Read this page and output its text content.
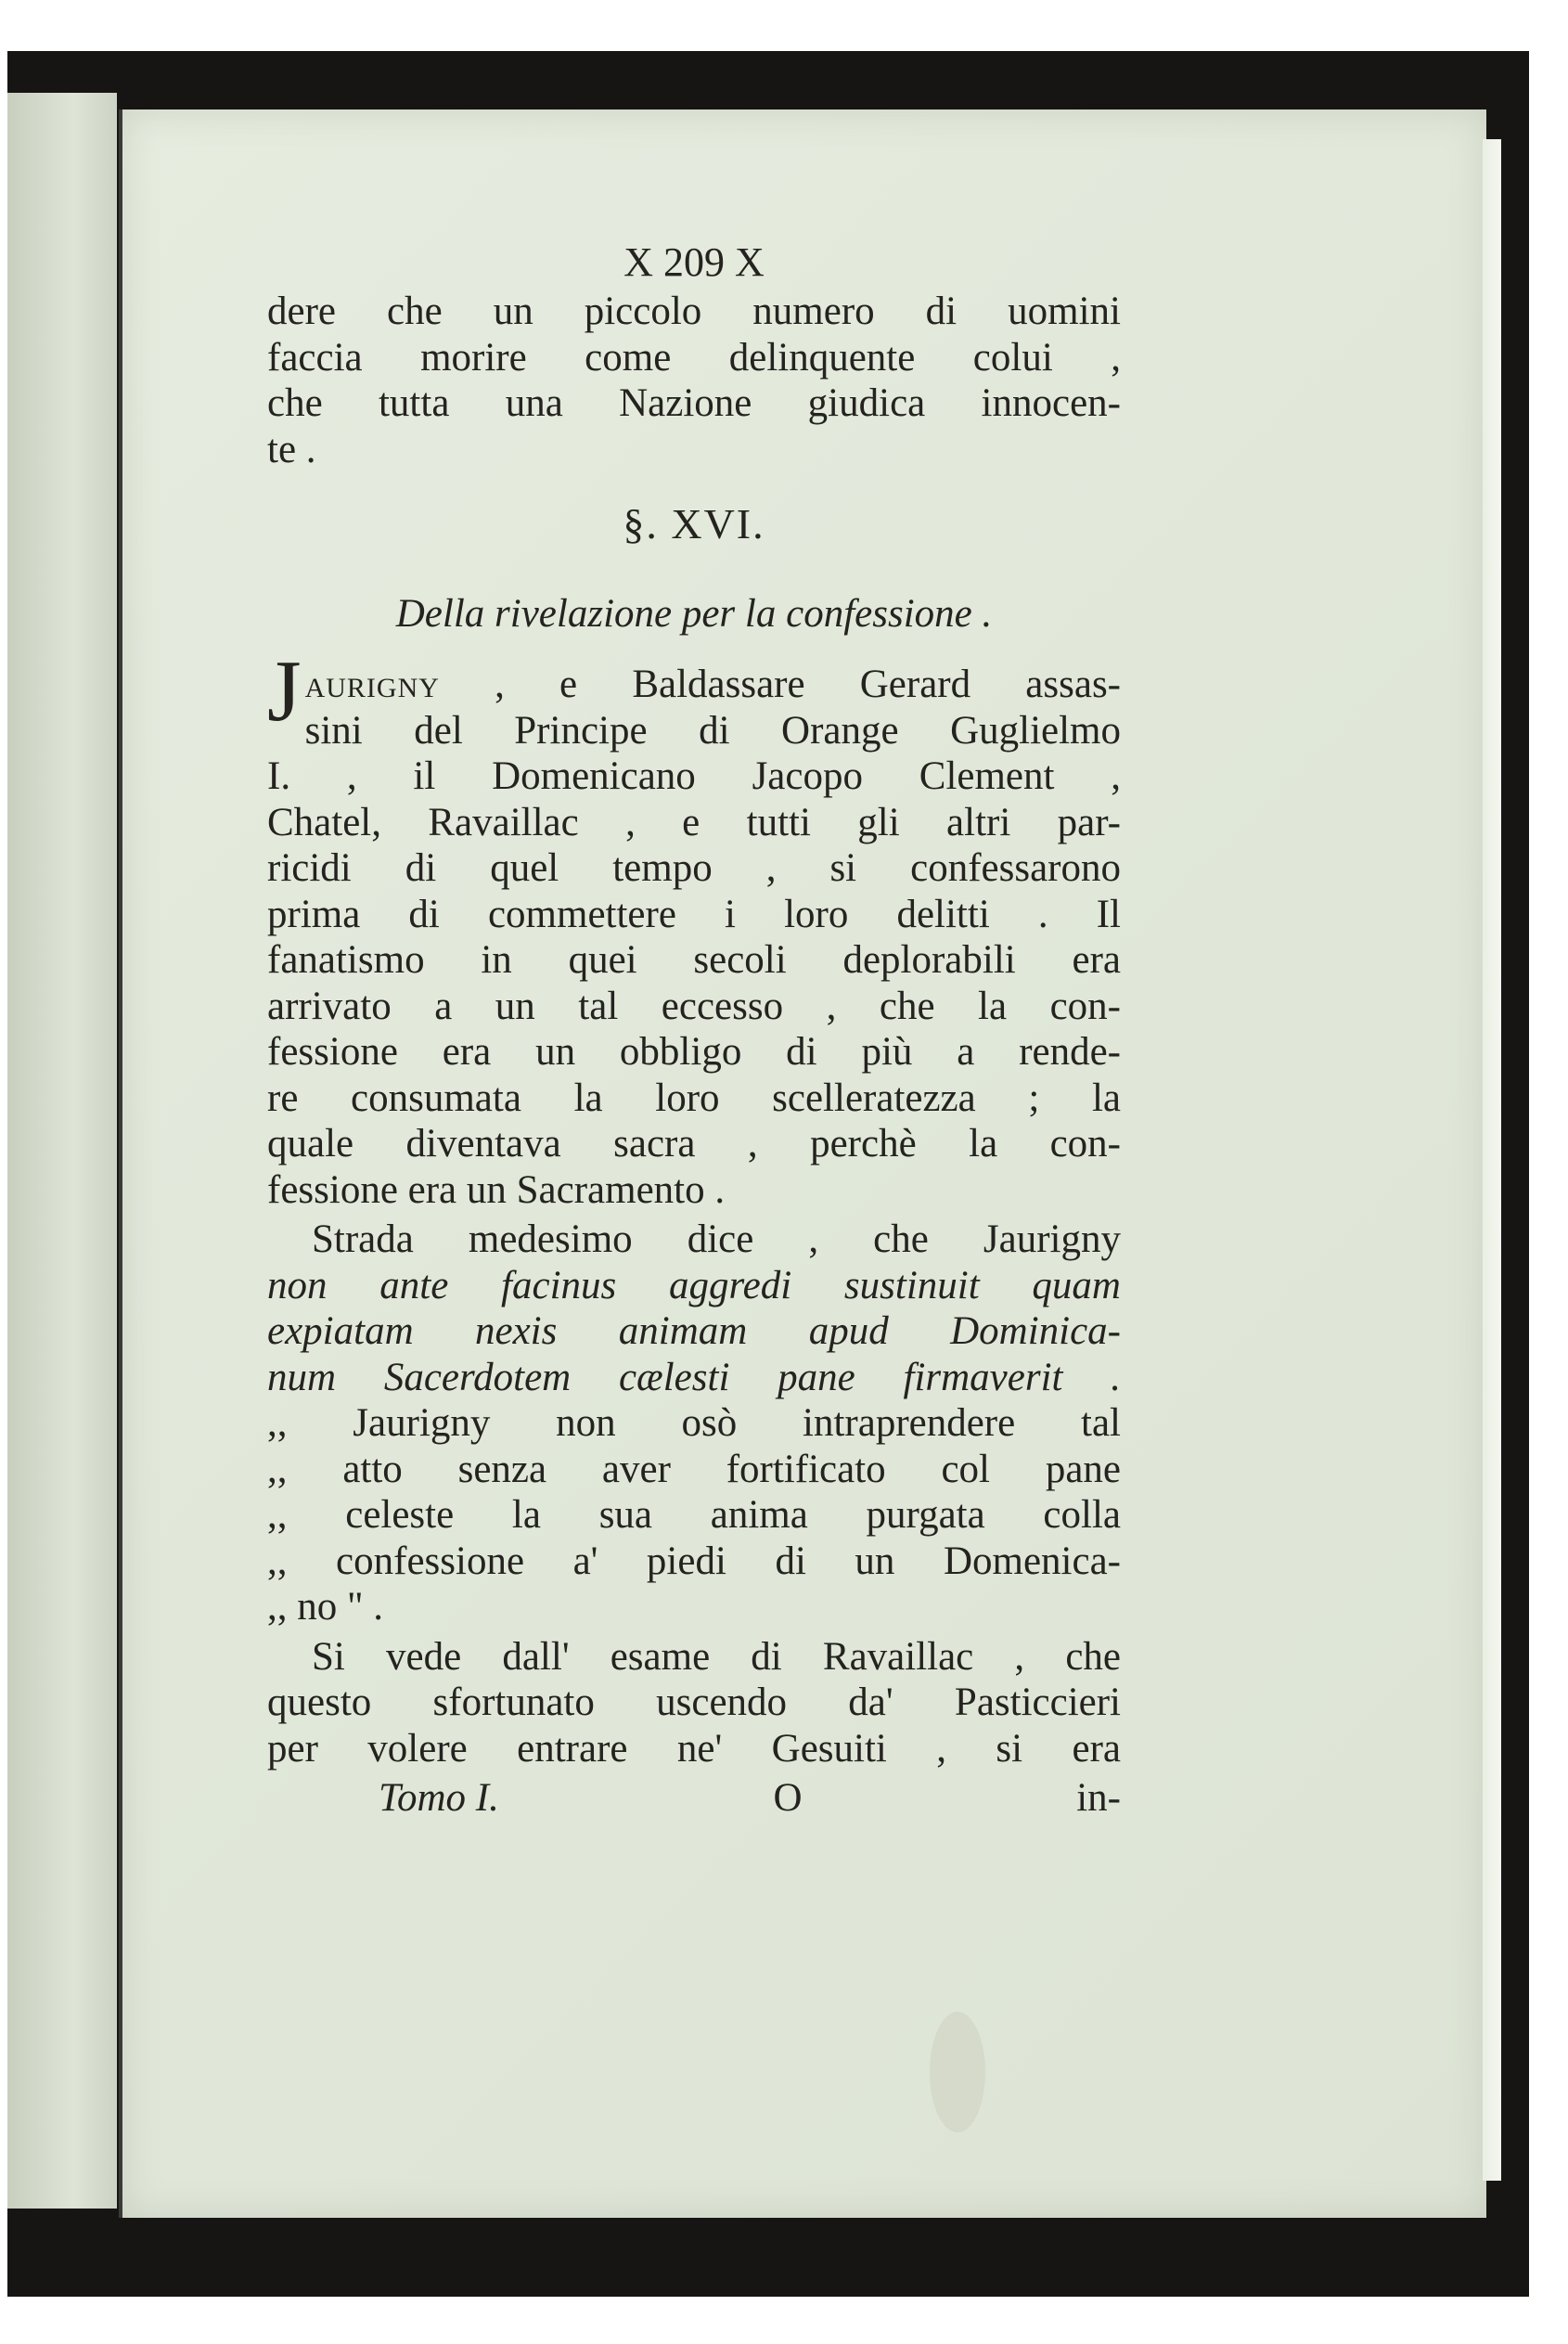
X 209 X
dere che un piccolo numero di uomini
faccia morire come delinquente colui ,
che tutta una Nazione giudica innocen-
te .
§. XVI.
Della rivelazione per la confessione .
J aurigny , e Baldassare Gerard assas-
sini del Principe di Orange Guglielmo
I. , il Domenicano Jacopo Clement ,
Chatel, Ravaillac , e tutti gli altri par-
ricidi di quel tempo , si confessarono
prima di commettere i loro delitti . Il
fanatismo in quei secoli deplorabili era
arrivato a un tal eccesso , che la con-
fessione era un obbligo di più a rende-
re consumata la loro scelleratezza ; la
quale diventava sacra , perchè la con-
fessione era un Sacramento .
Strada medesimo dice , che Jaurigny
non ante facinus aggredi sustinuit quam
expiatam nexis animam apud Dominica-
num Sacerdotem cælesti pane firmaverit .
,, Jaurigny non osò intraprendere tal
,, atto senza aver fortificato col pane
,, celeste la sua anima purgata colla
,, confessione a' piedi di un Domenica-
,, no " .
Si vede dall' esame di Ravaillac , che
questo sfortunato uscendo da' Pasticcieri
per volere entrare ne' Gesuiti , si era
Tomo I.	O	in-
